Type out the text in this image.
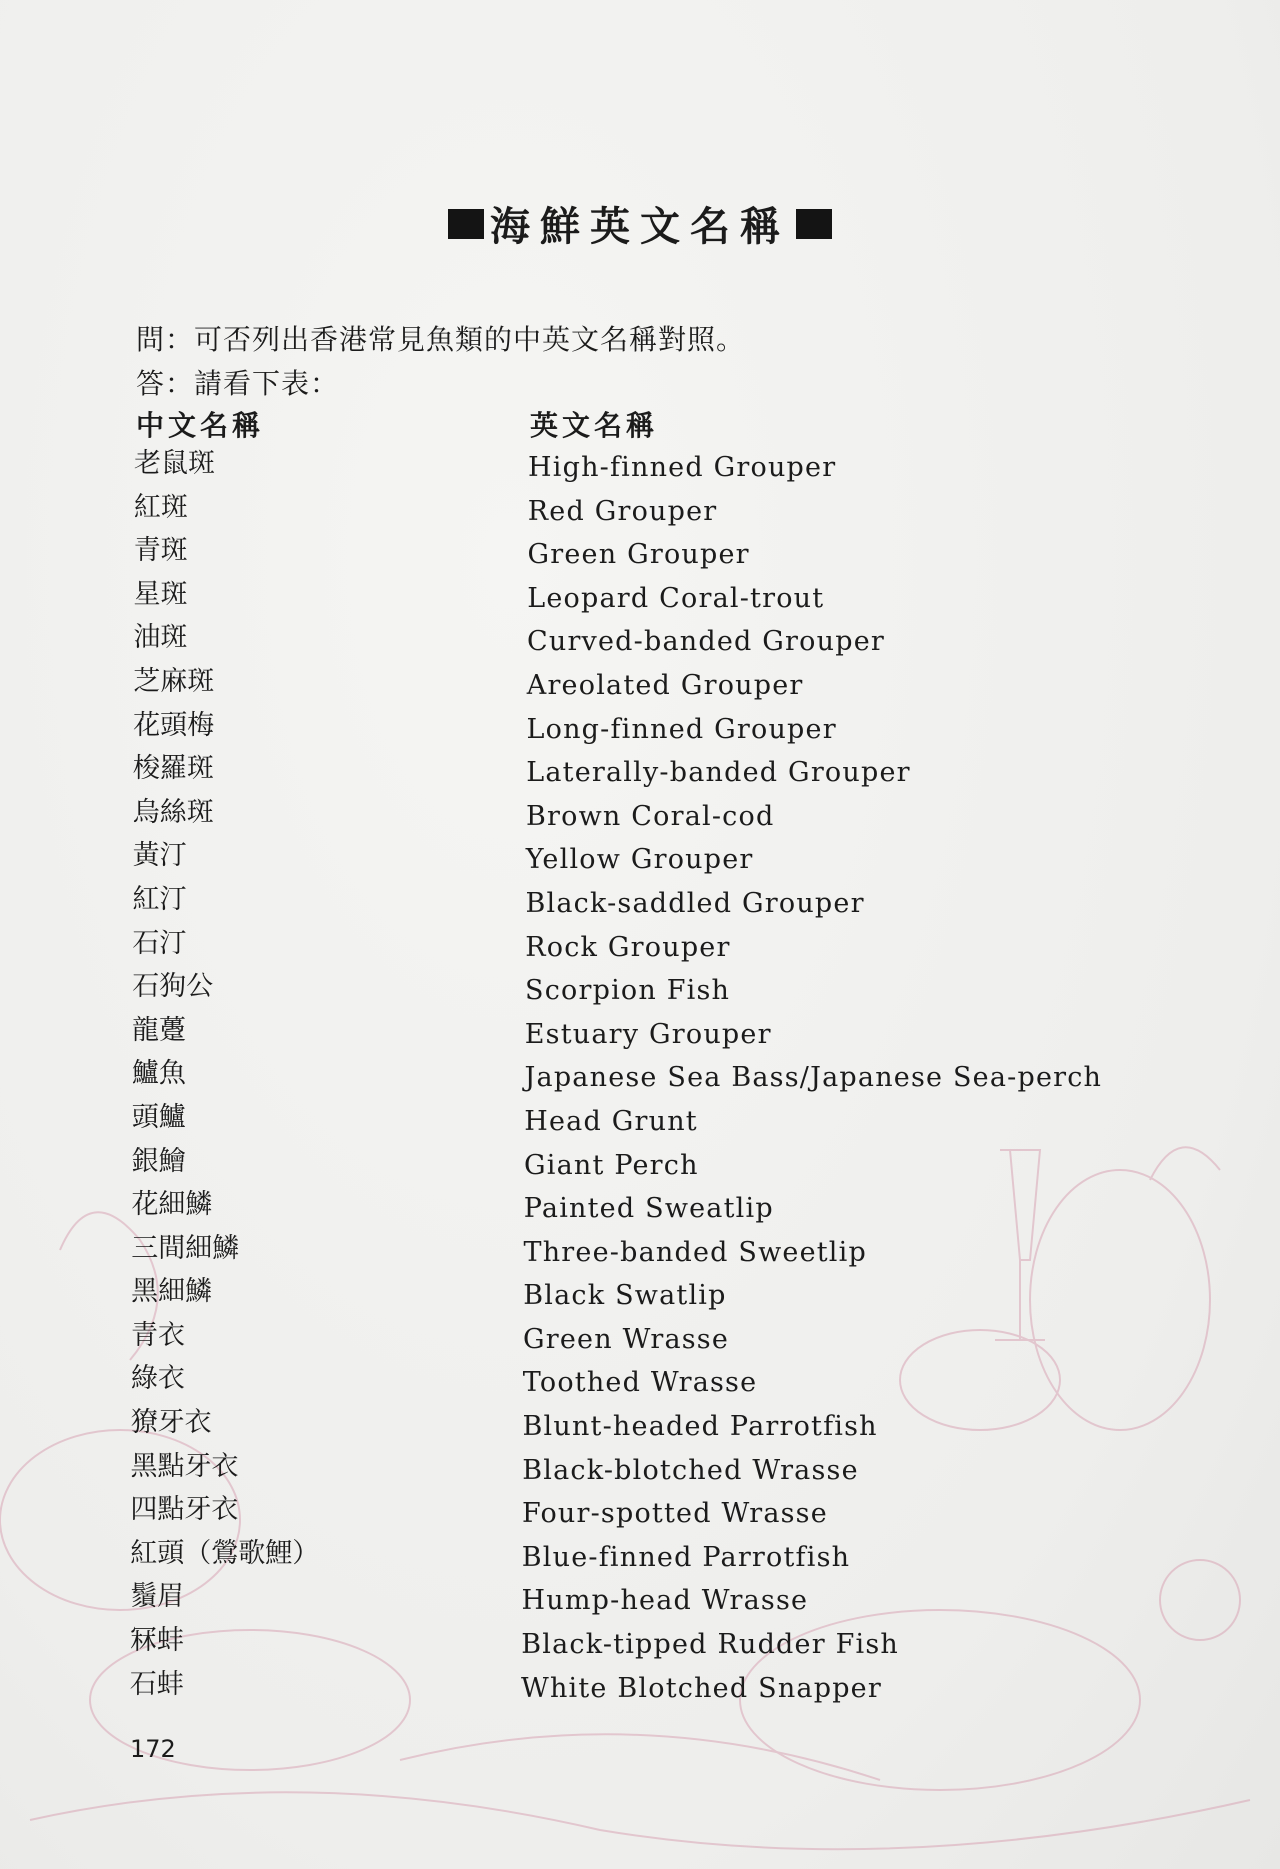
海鮮英文名稱
問：可否列出香港常見魚類的中英文名稱對照。
答：請看下表：
中文名稱	英文名稱
老鼠斑	High-finned Grouper
紅斑	Red Grouper
青斑	Green Grouper
星斑	Leopard Coral-trout
油斑	Curved-banded Grouper
芝麻斑	Areolated Grouper
花頭梅	Long-finned Grouper
梭羅斑	Laterally-banded Grouper
烏絲斑	Brown Coral-cod
黃汀	Yellow Grouper
紅汀	Black-saddled Grouper
石汀	Rock Grouper
石狗公	Scorpion Fish
龍躉	Estuary Grouper
鱸魚	Japanese Sea Bass/Japanese Sea-perch
頭鱸	Head Grunt
銀鱠	Giant Perch
花細鱗	Painted Sweatlip
三間細鱗	Three-banded Sweetlip
黑細鱗	Black Swatlip
青衣	Green Wrasse
綠衣	Toothed Wrasse
獠牙衣	Blunt-headed Parrotfish
黑點牙衣	Black-blotched Wrasse
四點牙衣	Four-spotted Wrasse
紅頭（鶯歌鯉）	Blue-finned Parrotfish
鬚眉	Hump-head Wrasse
冧蚌	Black-tipped Rudder Fish
石蚌	White Blotched Snapper
172
